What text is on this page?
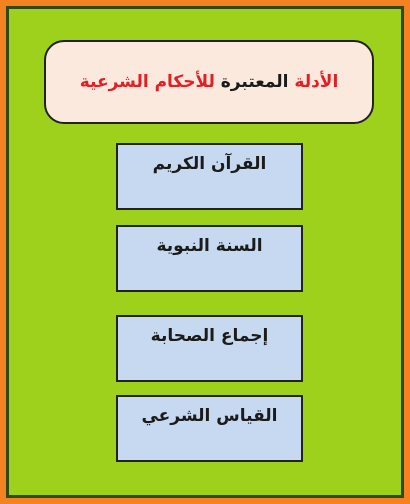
الأدلة المعتبرة للأحكام الشرعية
القرآن الكريم
السنة النبوية
إجماع الصحابة
القياس الشرعي
